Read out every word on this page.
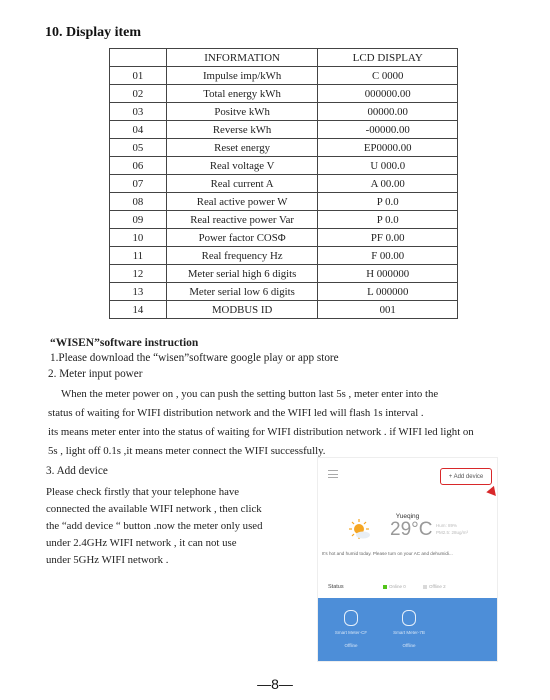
10. Display item
	INFORMATION	LCD DISPLAY
01	Impulse imp/kWh	C 0000
02	Total energy kWh	000000.00
03	Positve kWh	00000.00
04	Reverse kWh	-00000.00
05	Reset energy	EP0000.00
06	Real voltage V	U 000.0
07	Real current A	A 00.00
08	Real active power W	P 0.0
09	Real reactive power Var	P 0.0
10	Power factor COSΦ	PF 0.00
11	Real frequency Hz	F 00.00
12	Meter serial high 6 digits	H 000000
13	Meter serial low 6 digits	L 000000
14	MODBUS ID	001
“WISEN”software instruction
1.Please download the “wisen”software google play or app store
2. Meter input power
When the meter power on , you can push the setting button last 5s , meter enter into the
status of waiting for WIFI distribution network and the WIFI led will flash 1s interval .
its means meter enter into the status of waiting for WIFI distribution network . if WIFI led light on
5s , light off 0.1s ,it means meter connect the WIFI successfully.
3. Add device
Please check firstly that your telephone have
connected the available WIFI network , then click
the “add device “ button .now the meter only used
under 2.4GHz WIFI network , it can not use
under 5GHz WIFI network .
+ Add device
Yueqing
29°C Hum: 89%
PM2.5: 28ug/m³
It's hot and humid today. Please turn on your AC and dehumidi...
Status	Online 0	Offline 2
Smart Meter-CF
Offline
Smart Meter-7B
Offline
—8—
